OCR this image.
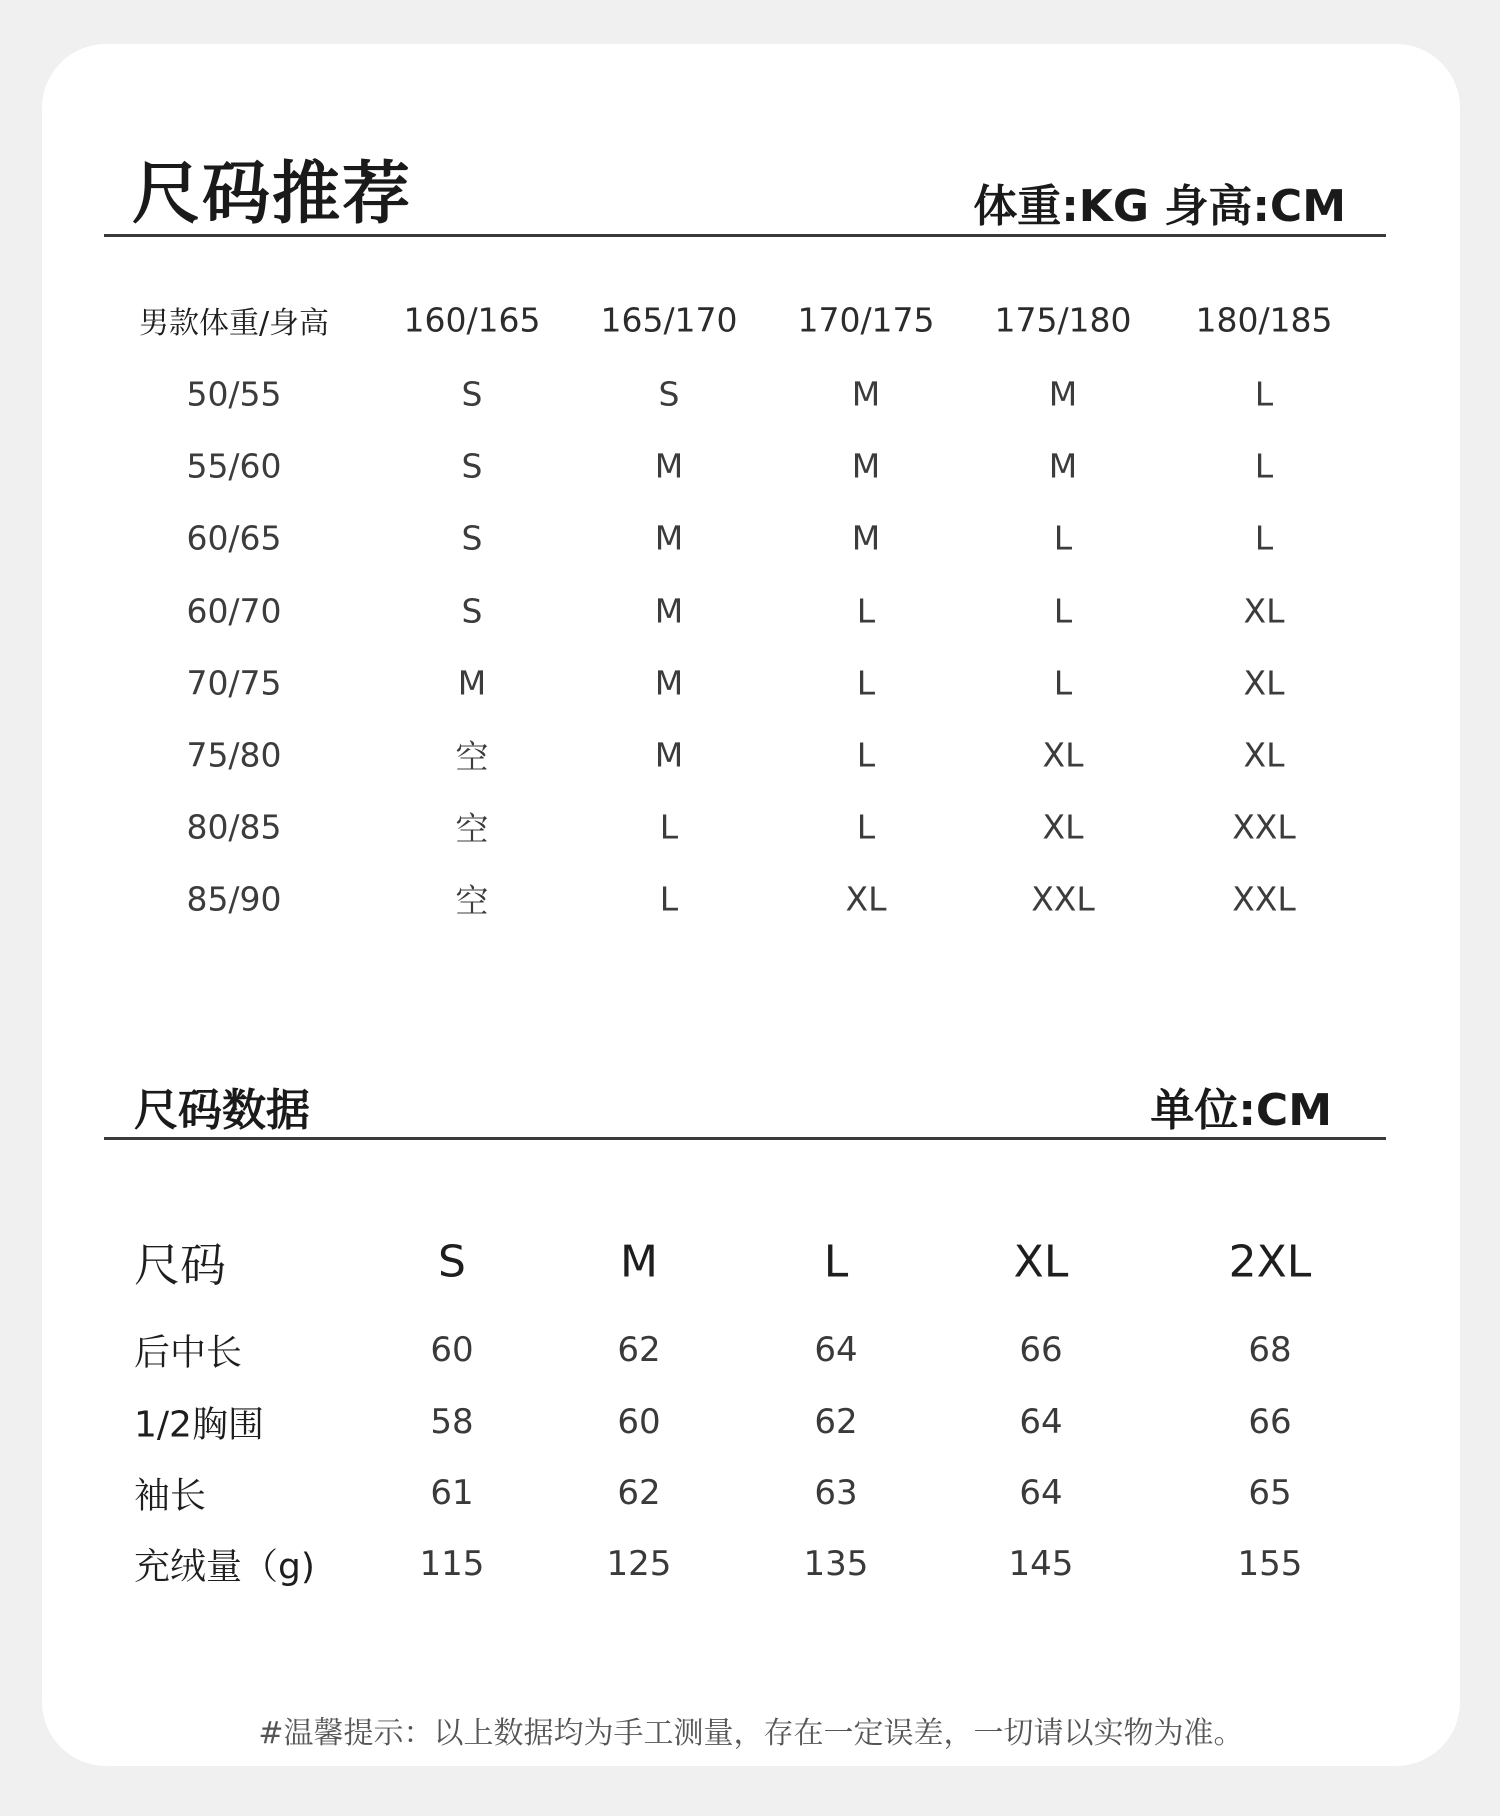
尺码推荐	体重:KG 身高:CM
男款体重/身高 160/165 165/170 170/175 175/180 180/185
50/55	S	S	M	M	L
55/60	S	M	M	M	L
60/65	S	M	M	L	L
60/70	S	M	L	L	XL
70/75	M	M	L	L	XL
75/80	空	M	L	XL	XL
80/85	空	L	L	XL	XXL
85/90	空	L	XL	XXL	XXL
尺码数据	单位:CM
尺码	S	M	L	XL	2XL
后中长	60	62	64	66	68
1/2胸围	58	60	62	64	66
袖长	61	62	63	64	65
充绒量（g)	115	125	135	145	155
#温馨提示：以上数据均为手工测量，存在一定误差，一切请以实物为准。
